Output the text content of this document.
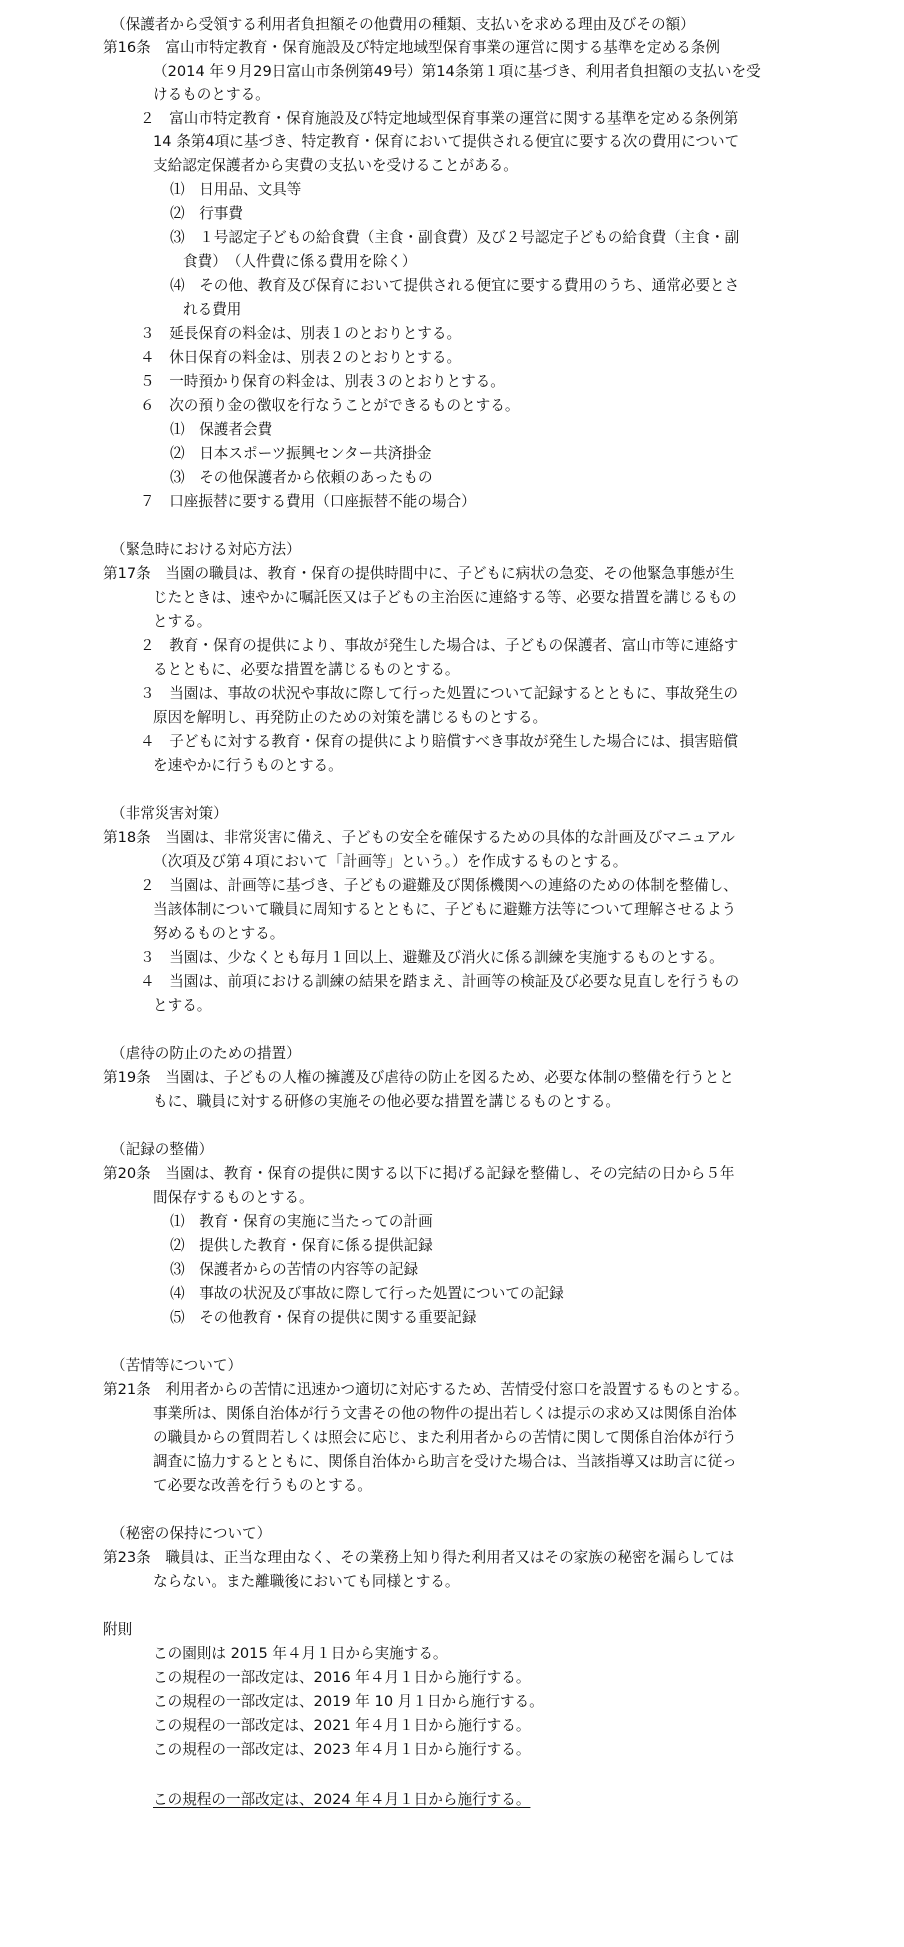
（保護者から受領する利用者負担額その他費用の種類、支払いを求める理由及びその額）
第16条　富山市特定教育・保育施設及び特定地域型保育事業の運営に関する基準を定める条例
（2014 年９月29日富山市条例第49号）第14条第１項に基づき、利用者負担額の支払いを受
けるものとする。
２　富山市特定教育・保育施設及び特定地域型保育事業の運営に関する基準を定める条例第
14 条第4項に基づき、特定教育・保育において提供される便宜に要する次の費用について
支給認定保護者から実費の支払いを受けることがある。
⑴　日用品、文具等
⑵　行事費
⑶　１号認定子どもの給食費（主食・副食費）及び２号認定子どもの給食費（主食・副
食費）　（人件費に係る費用を除く）
⑷　その他、教育及び保育において提供される便宜に要する費用のうち、通常必要とさ
れる費用
３　延長保育の料金は、別表１のとおりとする。
４　休日保育の料金は、別表２のとおりとする。
５　一時預かり保育の料金は、別表３のとおりとする。
６　次の預り金の徴収を行なうことができるものとする。
⑴　保護者会費
⑵　日本スポーツ振興センター共済掛金
⑶　その他保護者から依頼のあったもの
７　口座振替に要する費用（口座振替不能の場合）
（緊急時における対応方法）
第17条　当園の職員は、教育・保育の提供時間中に、子どもに病状の急変、その他緊急事態が生
じたときは、速やかに嘱託医又は子どもの主治医に連絡する等、必要な措置を講じるもの
とする。
２　教育・保育の提供により、事故が発生した場合は、子どもの保護者、富山市等に連絡す
るとともに、必要な措置を講じるものとする。
３　当園は、事故の状況や事故に際して行った処置について記録するとともに、事故発生の
原因を解明し、再発防止のための対策を講じるものとする。
４　子どもに対する教育・保育の提供により賠償すべき事故が発生した場合には、損害賠償
を速やかに行うものとする。
（非常災害対策）
第18条　当園は、非常災害に備え、子どもの安全を確保するための具体的な計画及びマニュアル
（次項及び第４項において「計画等」という。）を作成するものとする。
２　当園は、計画等に基づき、子どもの避難及び関係機関への連絡のための体制を整備し、
当該体制について職員に周知するとともに、子どもに避難方法等について理解させるよう
努めるものとする。
３　当園は、少なくとも毎月１回以上、避難及び消火に係る訓練を実施するものとする。
４　当園は、前項における訓練の結果を踏まえ、計画等の検証及び必要な見直しを行うもの
とする。
（虐待の防止のための措置）
第19条　当園は、子どもの人権の擁護及び虐待の防止を図るため、必要な体制の整備を行うとと
もに、職員に対する研修の実施その他必要な措置を講じるものとする。
（記録の整備）
第20条　当園は、教育・保育の提供に関する以下に掲げる記録を整備し、その完結の日から５年
間保存するものとする。
⑴　教育・保育の実施に当たっての計画
⑵　提供した教育・保育に係る提供記録
⑶　保護者からの苦情の内容等の記録
⑷　事故の状況及び事故に際して行った処置についての記録
⑸　その他教育・保育の提供に関する重要記録
（苦情等について）
第21条　利用者からの苦情に迅速かつ適切に対応するため、苦情受付窓口を設置するものとする。
事業所は、関係自治体が行う文書その他の物件の提出若しくは提示の求め又は関係自治体
の職員からの質問若しくは照会に応じ、また利用者からの苦情に関して関係自治体が行う
調査に協力するとともに、関係自治体から助言を受けた場合は、当該指導又は助言に従っ
て必要な改善を行うものとする。
（秘密の保持について）
第23条　職員は、正当な理由なく、その業務上知り得た利用者又はその家族の秘密を漏らしては
ならない。また離職後においても同様とする。
附則
この園則は 2015 年４月１日から実施する。
この規程の一部改定は、2016 年４月１日から施行する。
この規程の一部改定は、2019 年 10 月１日から施行する。
この規程の一部改定は、2021 年４月１日から施行する。
この規程の一部改定は、2023 年４月１日から施行する。
この規程の一部改定は、2024 年４月１日から施行する。
